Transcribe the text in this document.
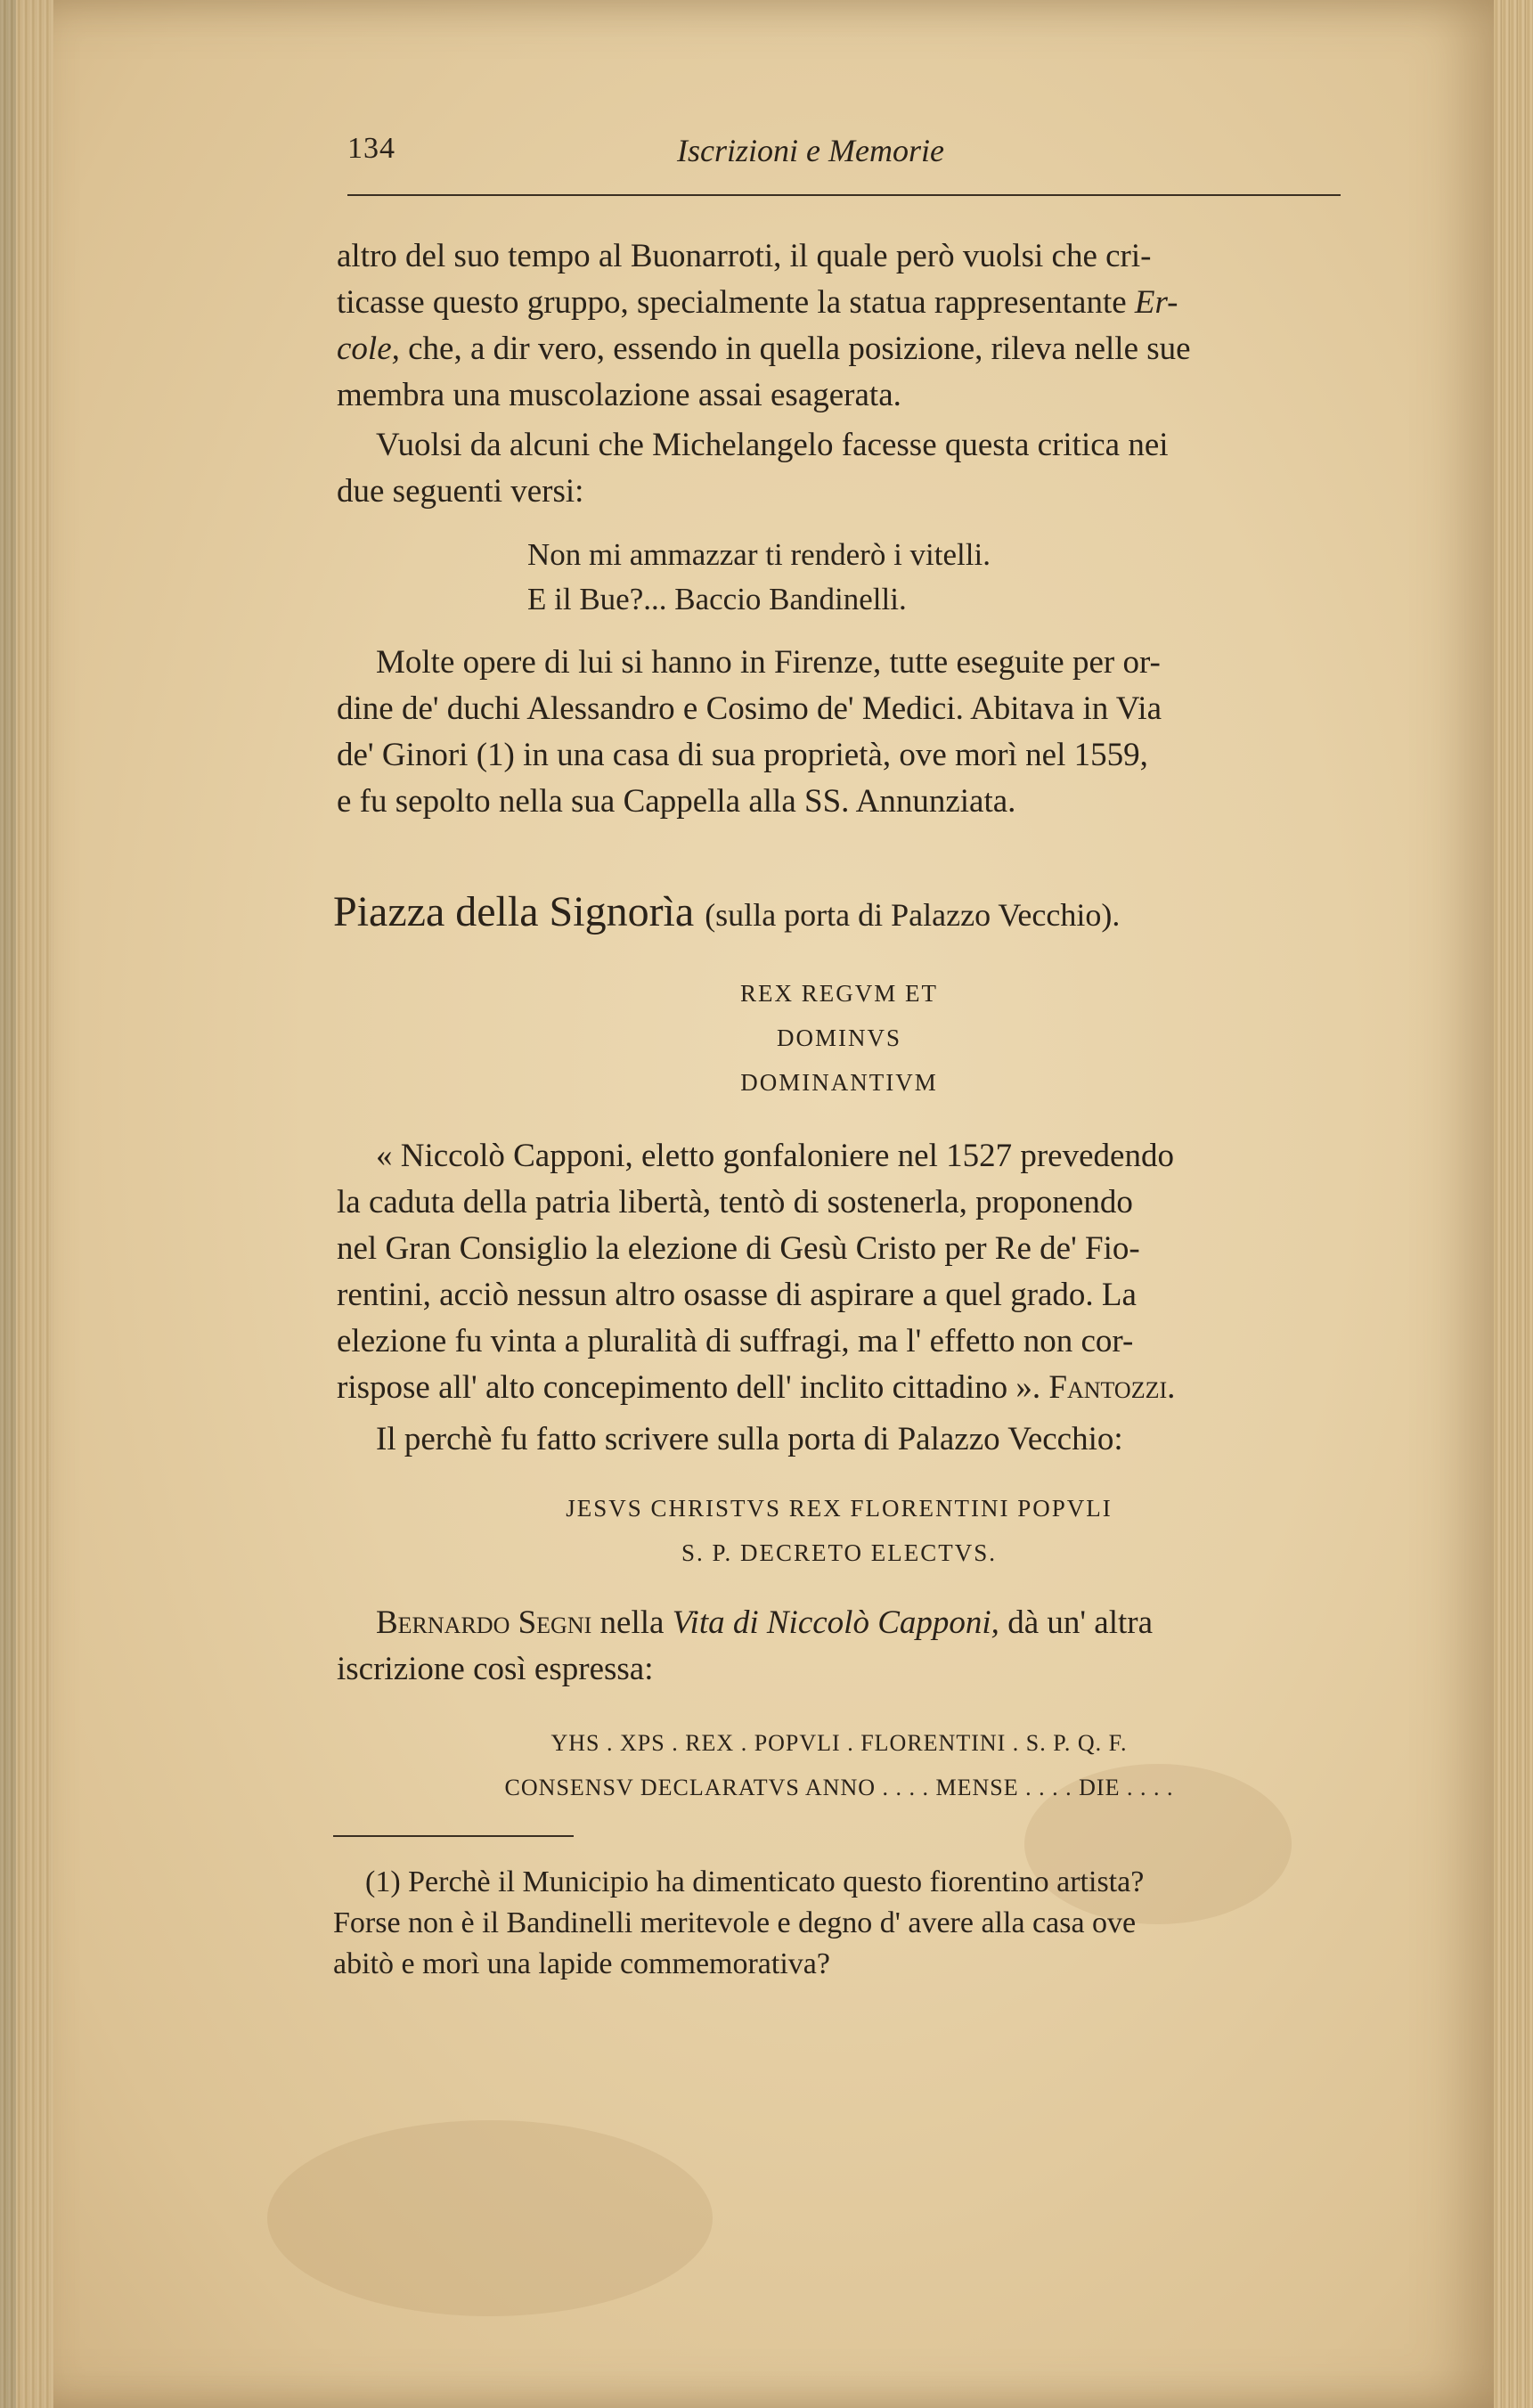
134	Iscrizioni e Memorie
altro del suo tempo al Buonarroti, il quale però vuolsi che cri-
ticasse questo gruppo, specialmente la statua rappresentante Er-
cole, che, a dir vero, essendo in quella posizione, rileva nelle sue
membra una muscolazione assai esagerata.
Vuolsi da alcuni che Michelangelo facesse questa critica nei
due seguenti versi:
Non mi ammazzar ti renderò i vitelli.
E il Bue?... Baccio Bandinelli.
Molte opere di lui si hanno in Firenze, tutte eseguite per or-
dine de' duchi Alessandro e Cosimo de' Medici. Abitava in Via
de' Ginori (1) in una casa di sua proprietà, ove morì nel 1559,
e fu sepolto nella sua Cappella alla SS. Annunziata.
Piazza della Signorìa (sulla porta di Palazzo Vecchio).
REX REGVM ET
DOMINVS
DOMINANTIVM
« Niccolò Capponi, eletto gonfaloniere nel 1527 prevedendo
la caduta della patria libertà, tentò di sostenerla, proponendo
nel Gran Consiglio la elezione di Gesù Cristo per Re de' Fio-
rentini, acciò nessun altro osasse di aspirare a quel grado. La
elezione fu vinta a pluralità di suffragi, ma l' effetto non cor-
rispose all' alto concepimento dell' inclito cittadino ». Fantozzi.
Il perchè fu fatto scrivere sulla porta di Palazzo Vecchio:
JESVS CHRISTVS REX FLORENTINI POPVLI
S. P. DECRETO ELECTVS.
Bernardo Segni nella Vita di Niccolò Capponi, dà un' altra
iscrizione così espressa:
YHS . XPS . REX . POPVLI . FLORENTINI . S. P. Q. F.
CONSENSV DECLARATVS ANNO . . . . MENSE . . . . DIE . . . .
(1) Perchè il Municipio ha dimenticato questo fiorentino artista?
Forse non è il Bandinelli meritevole e degno d' avere alla casa ove
abitò e morì una lapide commemorativa?
